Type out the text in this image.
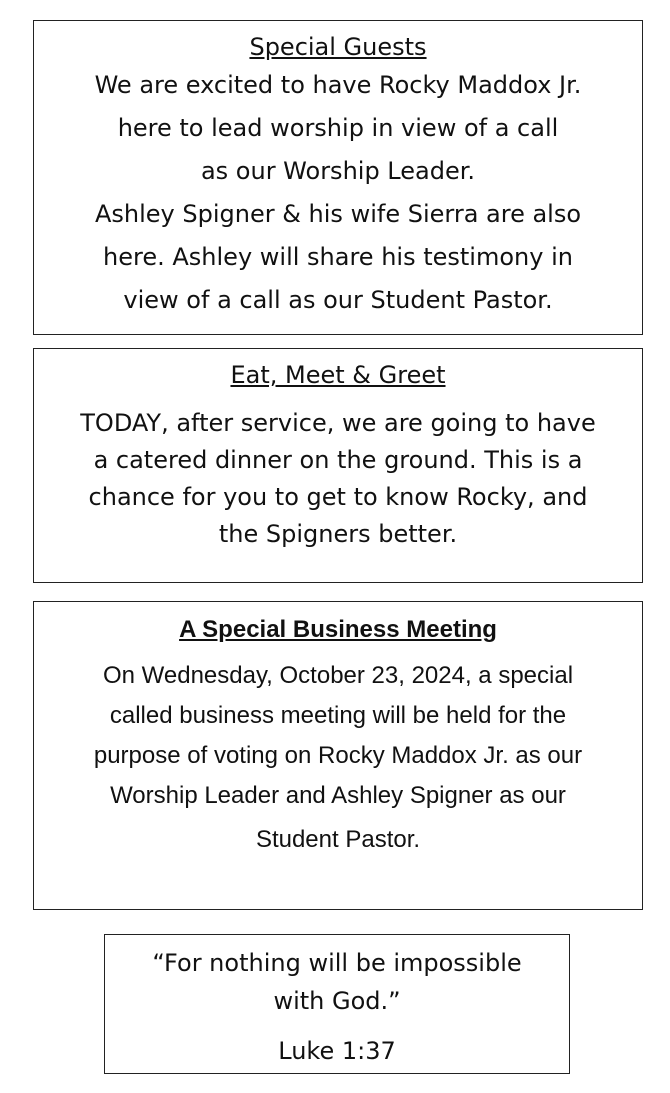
Special Guests
We are excited to have Rocky Maddox Jr.
here to lead worship in view of a call
as our Worship Leader.
Ashley Spigner & his wife Sierra are also
here. Ashley will share his testimony in
view of a call as our Student Pastor.
Eat, Meet & Greet
TODAY, after service, we are going to have
a catered dinner on the ground. This is a
chance for you to get to know Rocky, and
the Spigners better.
A Special Business Meeting
On Wednesday, October 23, 2024, a special
called business meeting will be held for the
purpose of voting on Rocky Maddox Jr. as our
Worship Leader and Ashley Spigner as our
Student Pastor.
“For nothing will be impossible
with God.”
Luke 1:37
